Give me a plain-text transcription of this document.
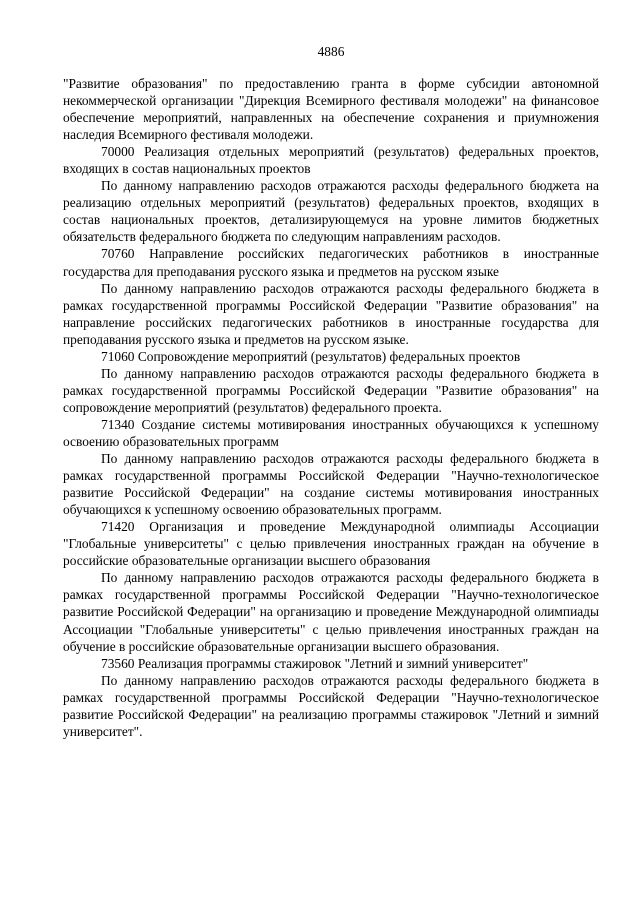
4886

"Развитие образования" по предоставлению гранта в форме субсидии автономной некоммерческой организации "Дирекция Всемирного фестиваля молодежи" на финансовое обеспечение мероприятий, направленных на обеспечение сохранения и приумножения наследия Всемирного фестиваля молодежи.

70000 Реализация отдельных мероприятий (результатов) федеральных проектов, входящих в состав национальных проектов

По данному направлению расходов отражаются расходы федерального бюджета на реализацию отдельных мероприятий (результатов) федеральных проектов, входящих в состав национальных проектов, детализирующемуся на уровне лимитов бюджетных обязательств федерального бюджета по следующим направлениям расходов.

70760 Направление российских педагогических работников в иностранные государства для преподавания русского языка и предметов на русском языке

По данному направлению расходов отражаются расходы федерального бюджета в рамках государственной программы Российской Федерации "Развитие образования" на направление российских педагогических работников в иностранные государства для преподавания русского языка и предметов на русском языке.

71060 Сопровождение мероприятий (результатов) федеральных проектов

По данному направлению расходов отражаются расходы федерального бюджета в рамках государственной программы Российской Федерации "Развитие образования" на сопровождение мероприятий (результатов) федерального проекта.

71340 Создание системы мотивирования иностранных обучающихся к успешному освоению образовательных программ

По данному направлению расходов отражаются расходы федерального бюджета в рамках государственной программы Российской Федерации "Научно-технологическое развитие Российской Федерации" на создание системы мотивирования иностранных обучающихся к успешному освоению образовательных программ.

71420 Организация и проведение Международной олимпиады Ассоциации "Глобальные университеты" с целью привлечения иностранных граждан на обучение в российские образовательные организации высшего образования

По данному направлению расходов отражаются расходы федерального бюджета в рамках государственной программы Российской Федерации "Научно-технологическое развитие Российской Федерации" на организацию и проведение Международной олимпиады Ассоциации "Глобальные университеты" с целью привлечения иностранных граждан на обучение в российские образовательные организации высшего образования.

73560 Реализация программы стажировок "Летний и зимний университет"

По данному направлению расходов отражаются расходы федерального бюджета в рамках государственной программы Российской Федерации "Научно-технологическое развитие Российской Федерации" на реализацию программы стажировок "Летний и зимний университет".
